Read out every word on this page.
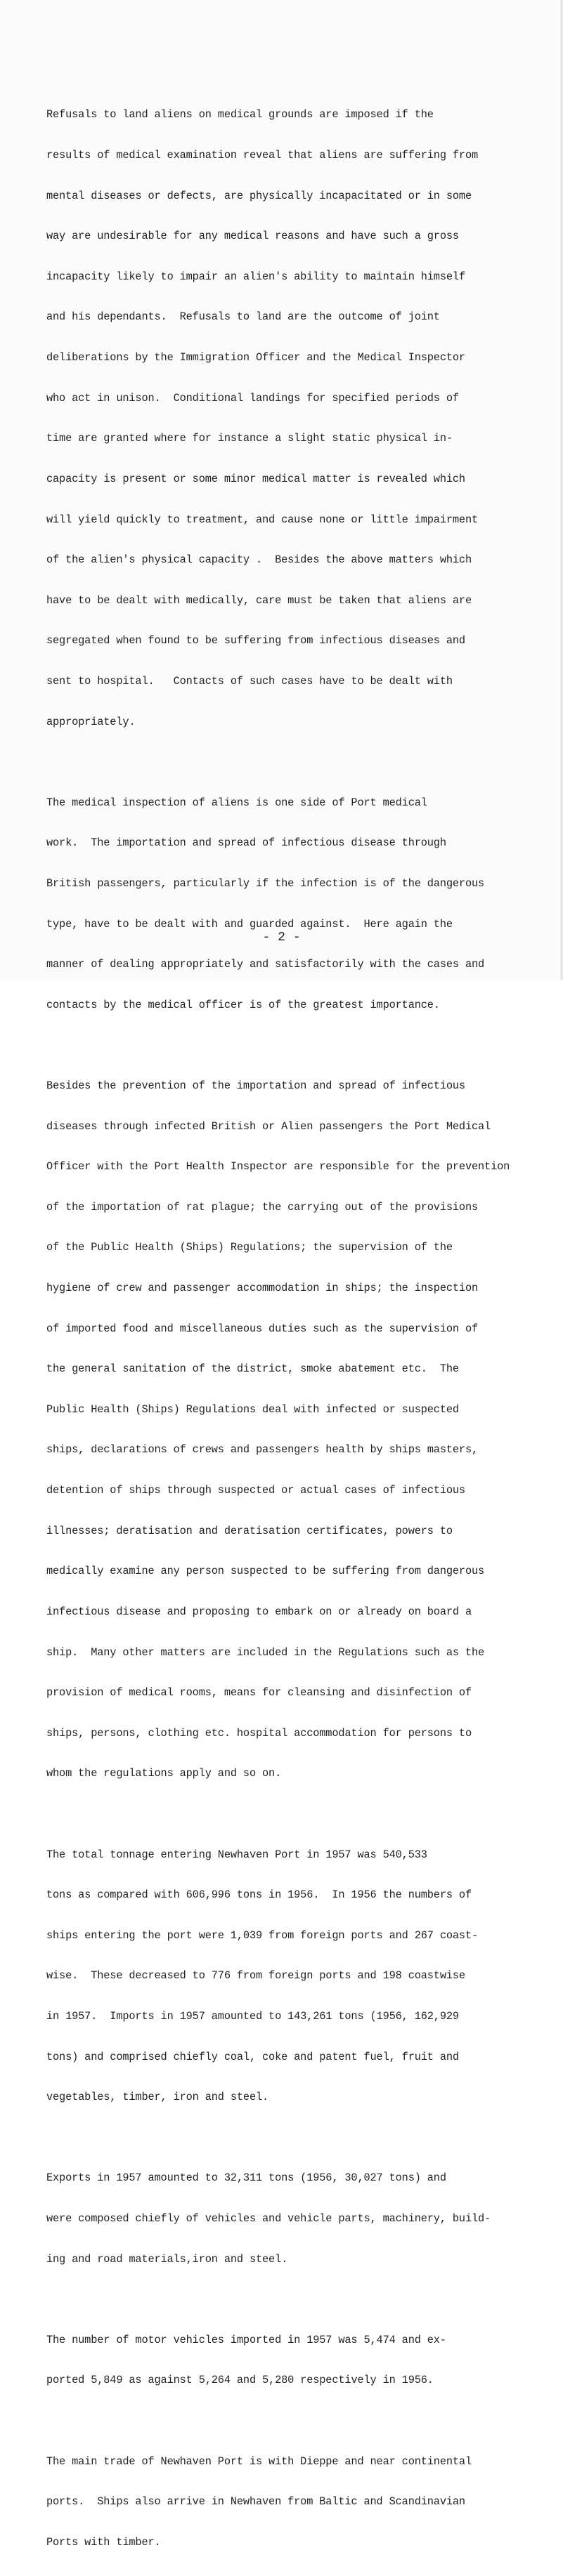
Refusals to land aliens on medical grounds are imposed if the

results of medical examination reveal that aliens are suffering from

mental diseases or defects, are physically incapacitated or in some

way are undesirable for any medical reasons and have such a gross

incapacity likely to impair an alien's ability to maintain himself

and his dependants.  Refusals to land are the outcome of joint

deliberations by the Immigration Officer and the Medical Inspector

who act in unison.  Conditional landings for specified periods of

time are granted where for instance a slight static physical in-

capacity is present or some minor medical matter is revealed which

will yield quickly to treatment, and cause none or little impairment

of the alien's physical capacity .  Besides the above matters which

have to be dealt with medically, care must be taken that aliens are

segregated when found to be suffering from infectious diseases and

sent to hospital.   Contacts of such cases have to be dealt with

appropriately.

The medical inspection of aliens is one side of Port medical

work.  The importation and spread of infectious disease through

British passengers, particularly if the infection is of the dangerous

type, have to be dealt with and guarded against.  Here again the

manner of dealing appropriately and satisfactorily with the cases and

contacts by the medical officer is of the greatest importance.

Besides the prevention of the importation and spread of infectious

diseases through infected British or Alien passengers the Port Medical

Officer with the Port Health Inspector are responsible for the prevention

of the importation of rat plague; the carrying out of the provisions

of the Public Health (Ships) Regulations; the supervision of the

hygiene of crew and passenger accommodation in ships; the inspection

of imported food and miscellaneous duties such as the supervision of

the general sanitation of the district, smoke abatement etc.  The

Public Health (Ships) Regulations deal with infected or suspected

ships, declarations of crews and passengers health by ships masters,

detention of ships through suspected or actual cases of infectious

illnesses; deratisation and deratisation certificates, powers to

medically examine any person suspected to be suffering from dangerous

infectious disease and proposing to embark on or already on board a

ship.  Many other matters are included in the Regulations such as the

provision of medical rooms, means for cleansing and disinfection of

ships, persons, clothing etc. hospital accommodation for persons to

whom the regulations apply and so on.

The total tonnage entering Newhaven Port in 1957 was 540,533

tons as compared with 606,996 tons in 1956.  In 1956 the numbers of

ships entering the port were 1,039 from foreign ports and 267 coast-

wise.  These decreased to 776 from foreign ports and 198 coastwise

in 1957.  Imports in 1957 amounted to 143,261 tons (1956, 162,929

tons) and comprised chiefly coal, coke and patent fuel, fruit and

vegetables, timber, iron and steel.

Exports in 1957 amounted to 32,311 tons (1956, 30,027 tons) and

were composed chiefly of vehicles and vehicle parts, machinery, build-

ing and road materials,iron and steel.

The number of motor vehicles imported in 1957 was 5,474 and ex-

ported 5,849 as against 5,264 and 5,280 respectively in 1956.

The main trade of Newhaven Port is with Dieppe and near continental

ports.  Ships also arrive in Newhaven from Baltic and Scandinavian

Ports with timber.

- 2 -
